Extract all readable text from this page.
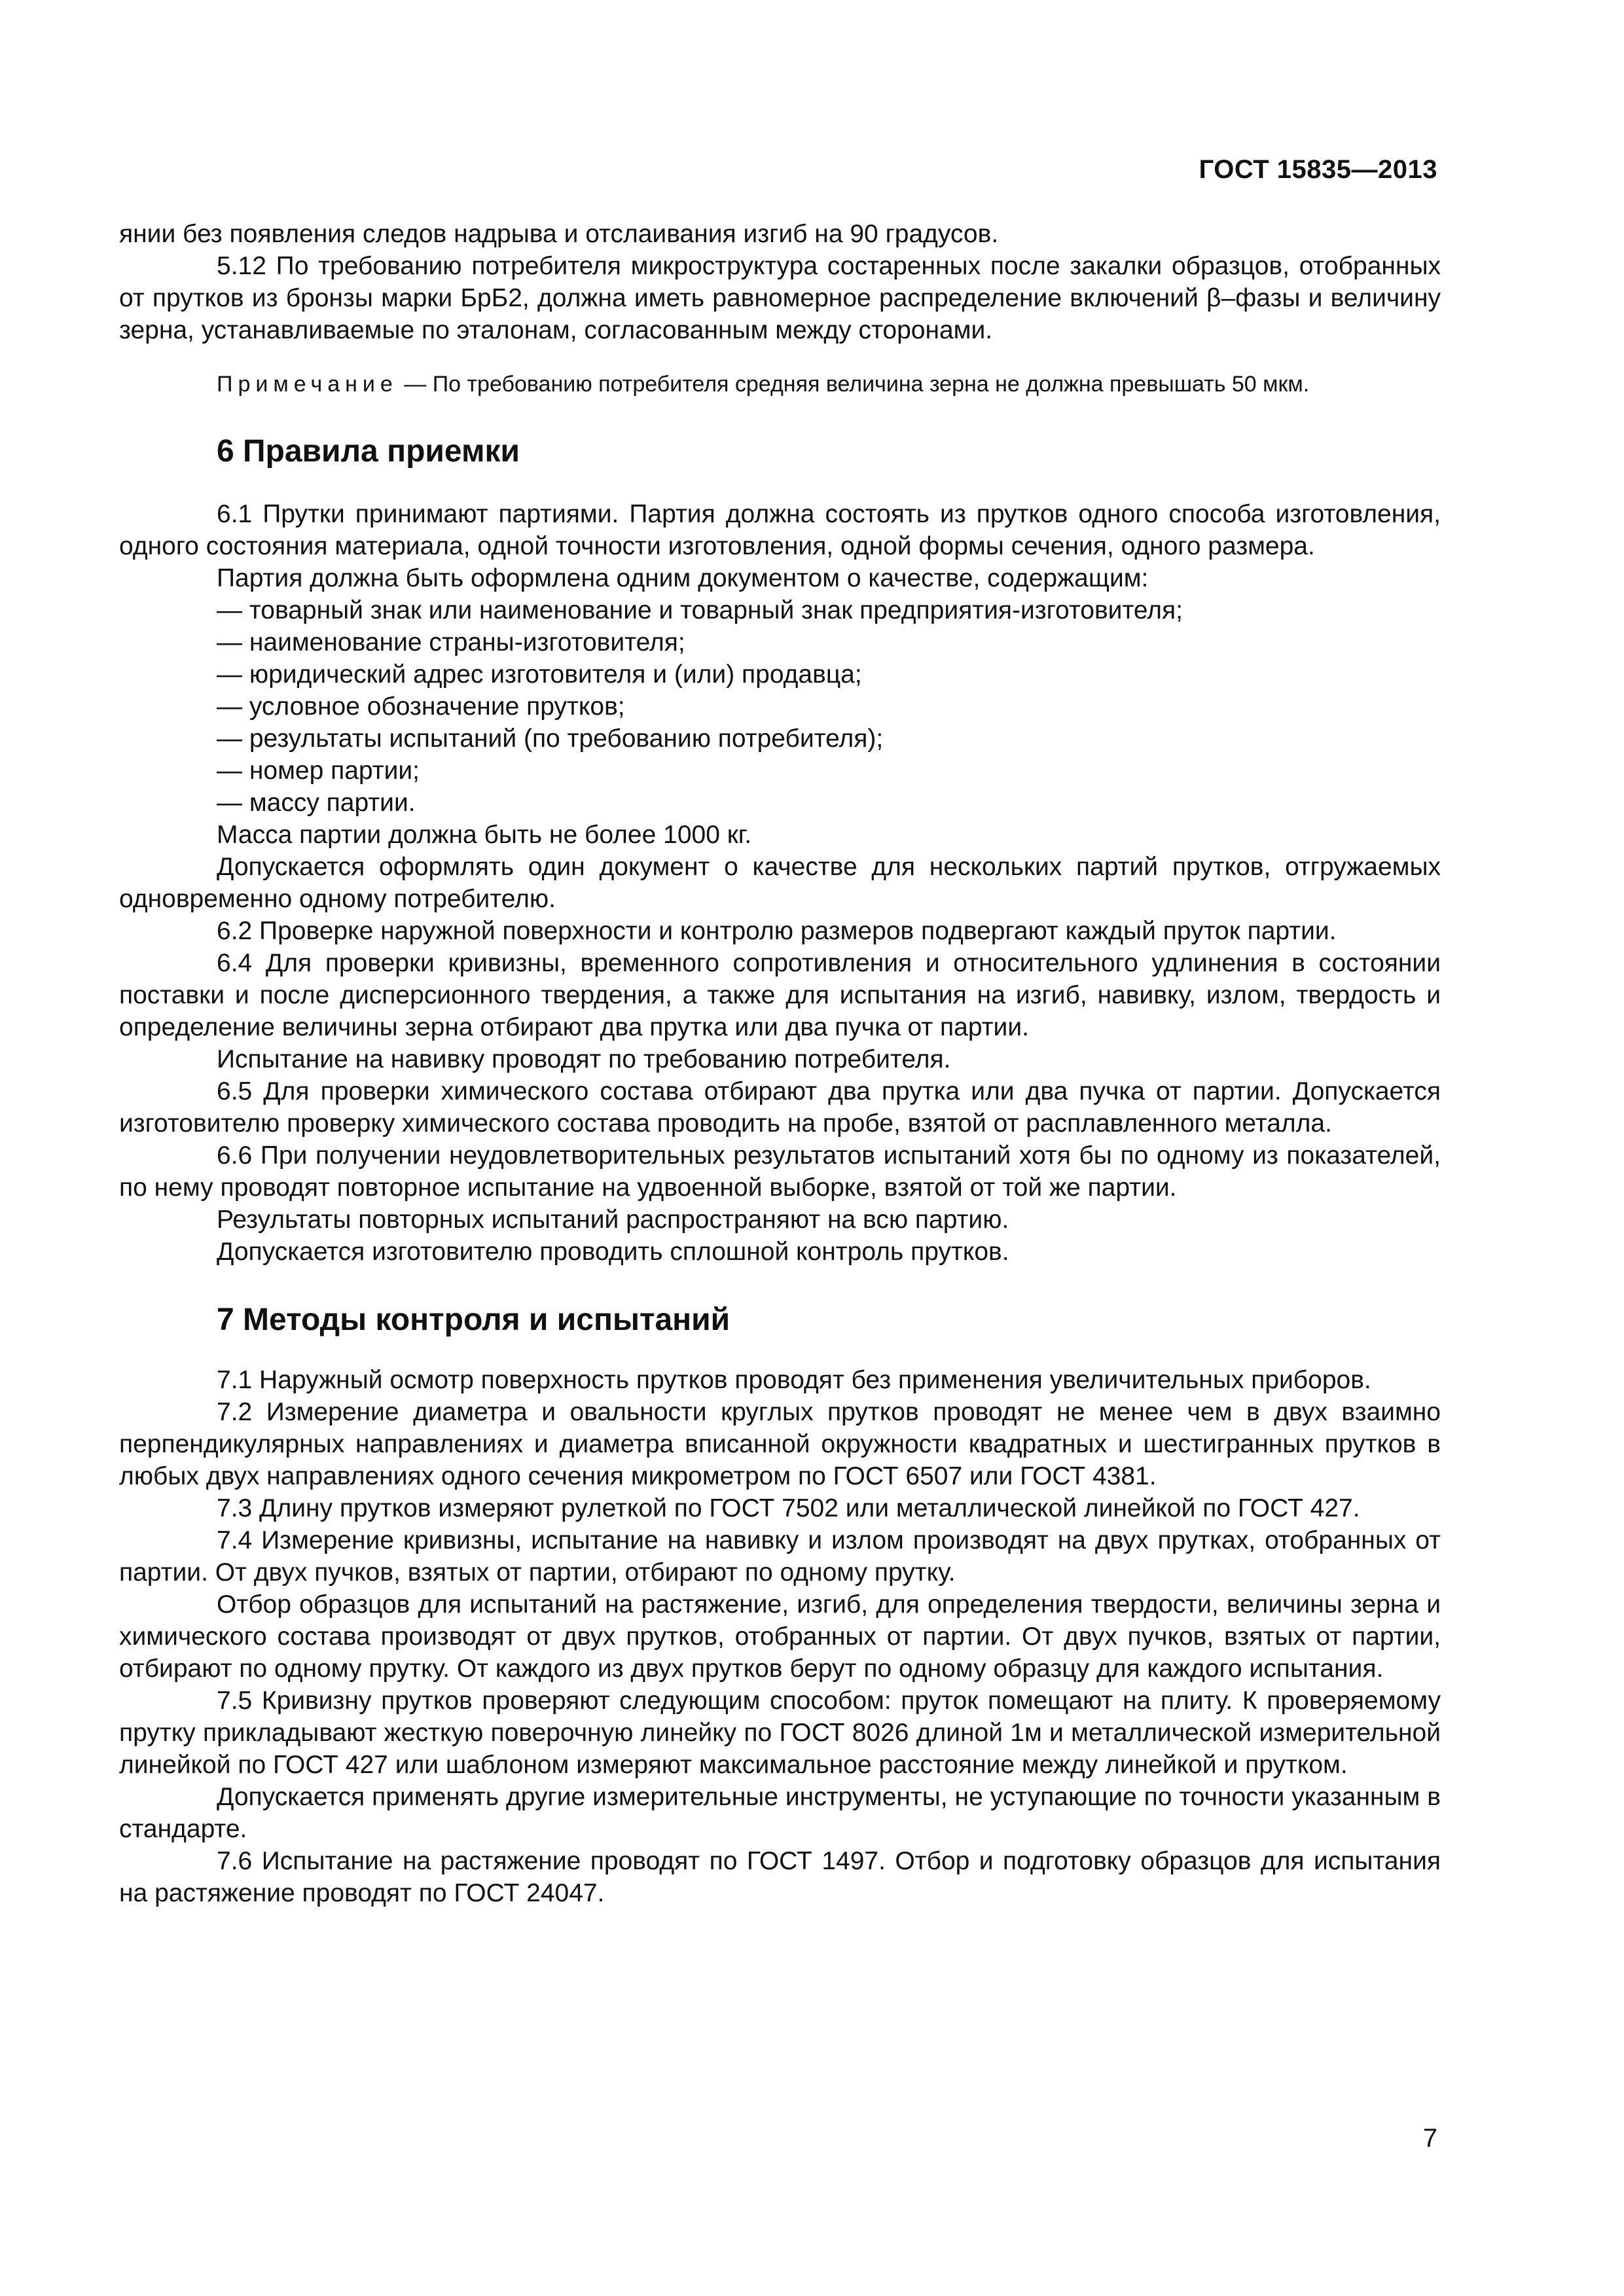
ГОСТ 15835—2013

янии без появления следов надрыва и отслаивания изгиб на 90 градусов.

5.12 По требованию потребителя микроструктура состаренных после закалки образцов, отобранных от прутков из бронзы марки БрБ2, должна иметь равномерное распределение включений β–фазы и величину зерна, устанавливаемые по эталонам, согласованным между сторонами.

Примечание — По требованию потребителя средняя величина зерна не должна превышать 50 мкм.
6 Правила приемки

6.1 Прутки принимают партиями. Партия должна состоять из прутков одного способа изготовления, одного состояния материала, одной точности изготовления, одной формы сечения, одного размера.

Партия должна быть оформлена одним документом о качестве, содержащим:

— товарный знак или наименование и товарный знак предприятия-изготовителя;

— наименование страны-изготовителя;

— юридический адрес изготовителя и (или) продавца;

— условное обозначение прутков;

— результаты испытаний (по требованию потребителя);

— номер партии;

— массу партии.

Масса партии должна быть не более 1000 кг.

Допускается оформлять один документ о качестве для нескольких партий прутков, отгружаемых одновременно одному потребителю.

6.2 Проверке наружной поверхности и контролю размеров подвергают каждый пруток партии.

6.4 Для проверки кривизны, временного сопротивления и относительного удлинения в состоянии поставки и после дисперсионного твердения, а также для испытания на изгиб, навивку, излом, твердость и определение величины зерна отбирают два прутка или два пучка от партии.

Испытание на навивку проводят по требованию потребителя.

6.5 Для проверки химического состава отбирают два прутка или два пучка от партии. Допускается изготовителю проверку химического состава проводить на пробе, взятой от расплавленного металла.

6.6 При получении неудовлетворительных результатов испытаний хотя бы по одному из показателей, по нему проводят повторное испытание на удвоенной выборке, взятой от той же партии.

Результаты повторных испытаний распространяют на всю партию.

Допускается изготовителю проводить сплошной контроль прутков.

7 Методы контроля и испытаний

7.1 Наружный осмотр поверхность прутков проводят без применения увеличительных приборов.

7.2 Измерение диаметра и овальности круглых прутков проводят не менее чем в двух взаимно перпендикулярных направлениях и диаметра вписанной окружности квадратных и шестигранных прутков в любых двух направлениях одного сечения микрометром по ГОСТ 6507 или ГОСТ 4381.

7.3 Длину прутков измеряют рулеткой по ГОСТ 7502 или металлической линейкой по ГОСТ 427.

7.4 Измерение кривизны, испытание на навивку и излом производят на двух прутках, отобранных от партии. От двух пучков, взятых от партии, отбирают по одному прутку.

Отбор образцов для испытаний на растяжение, изгиб, для определения твердости, величины зерна и химического состава производят от двух прутков, отобранных от партии. От двух пучков, взятых от партии, отбирают по одному прутку. От каждого из двух прутков берут по одному образцу для каждого испытания.

7.5 Кривизну прутков проверяют следующим способом: пруток помещают на плиту. К проверяемому прутку прикладывают жесткую поверочную линейку по ГОСТ 8026 длиной 1м и металлической измерительной линейкой по ГОСТ 427 или шаблоном измеряют максимальное расстояние между линейкой и прутком.

Допускается применять другие измерительные инструменты, не уступающие по точности указанным в стандарте.

7.6 Испытание на растяжение проводят по ГОСТ 1497. Отбор и подготовку образцов для испытания на растяжение проводят по ГОСТ 24047.

7
